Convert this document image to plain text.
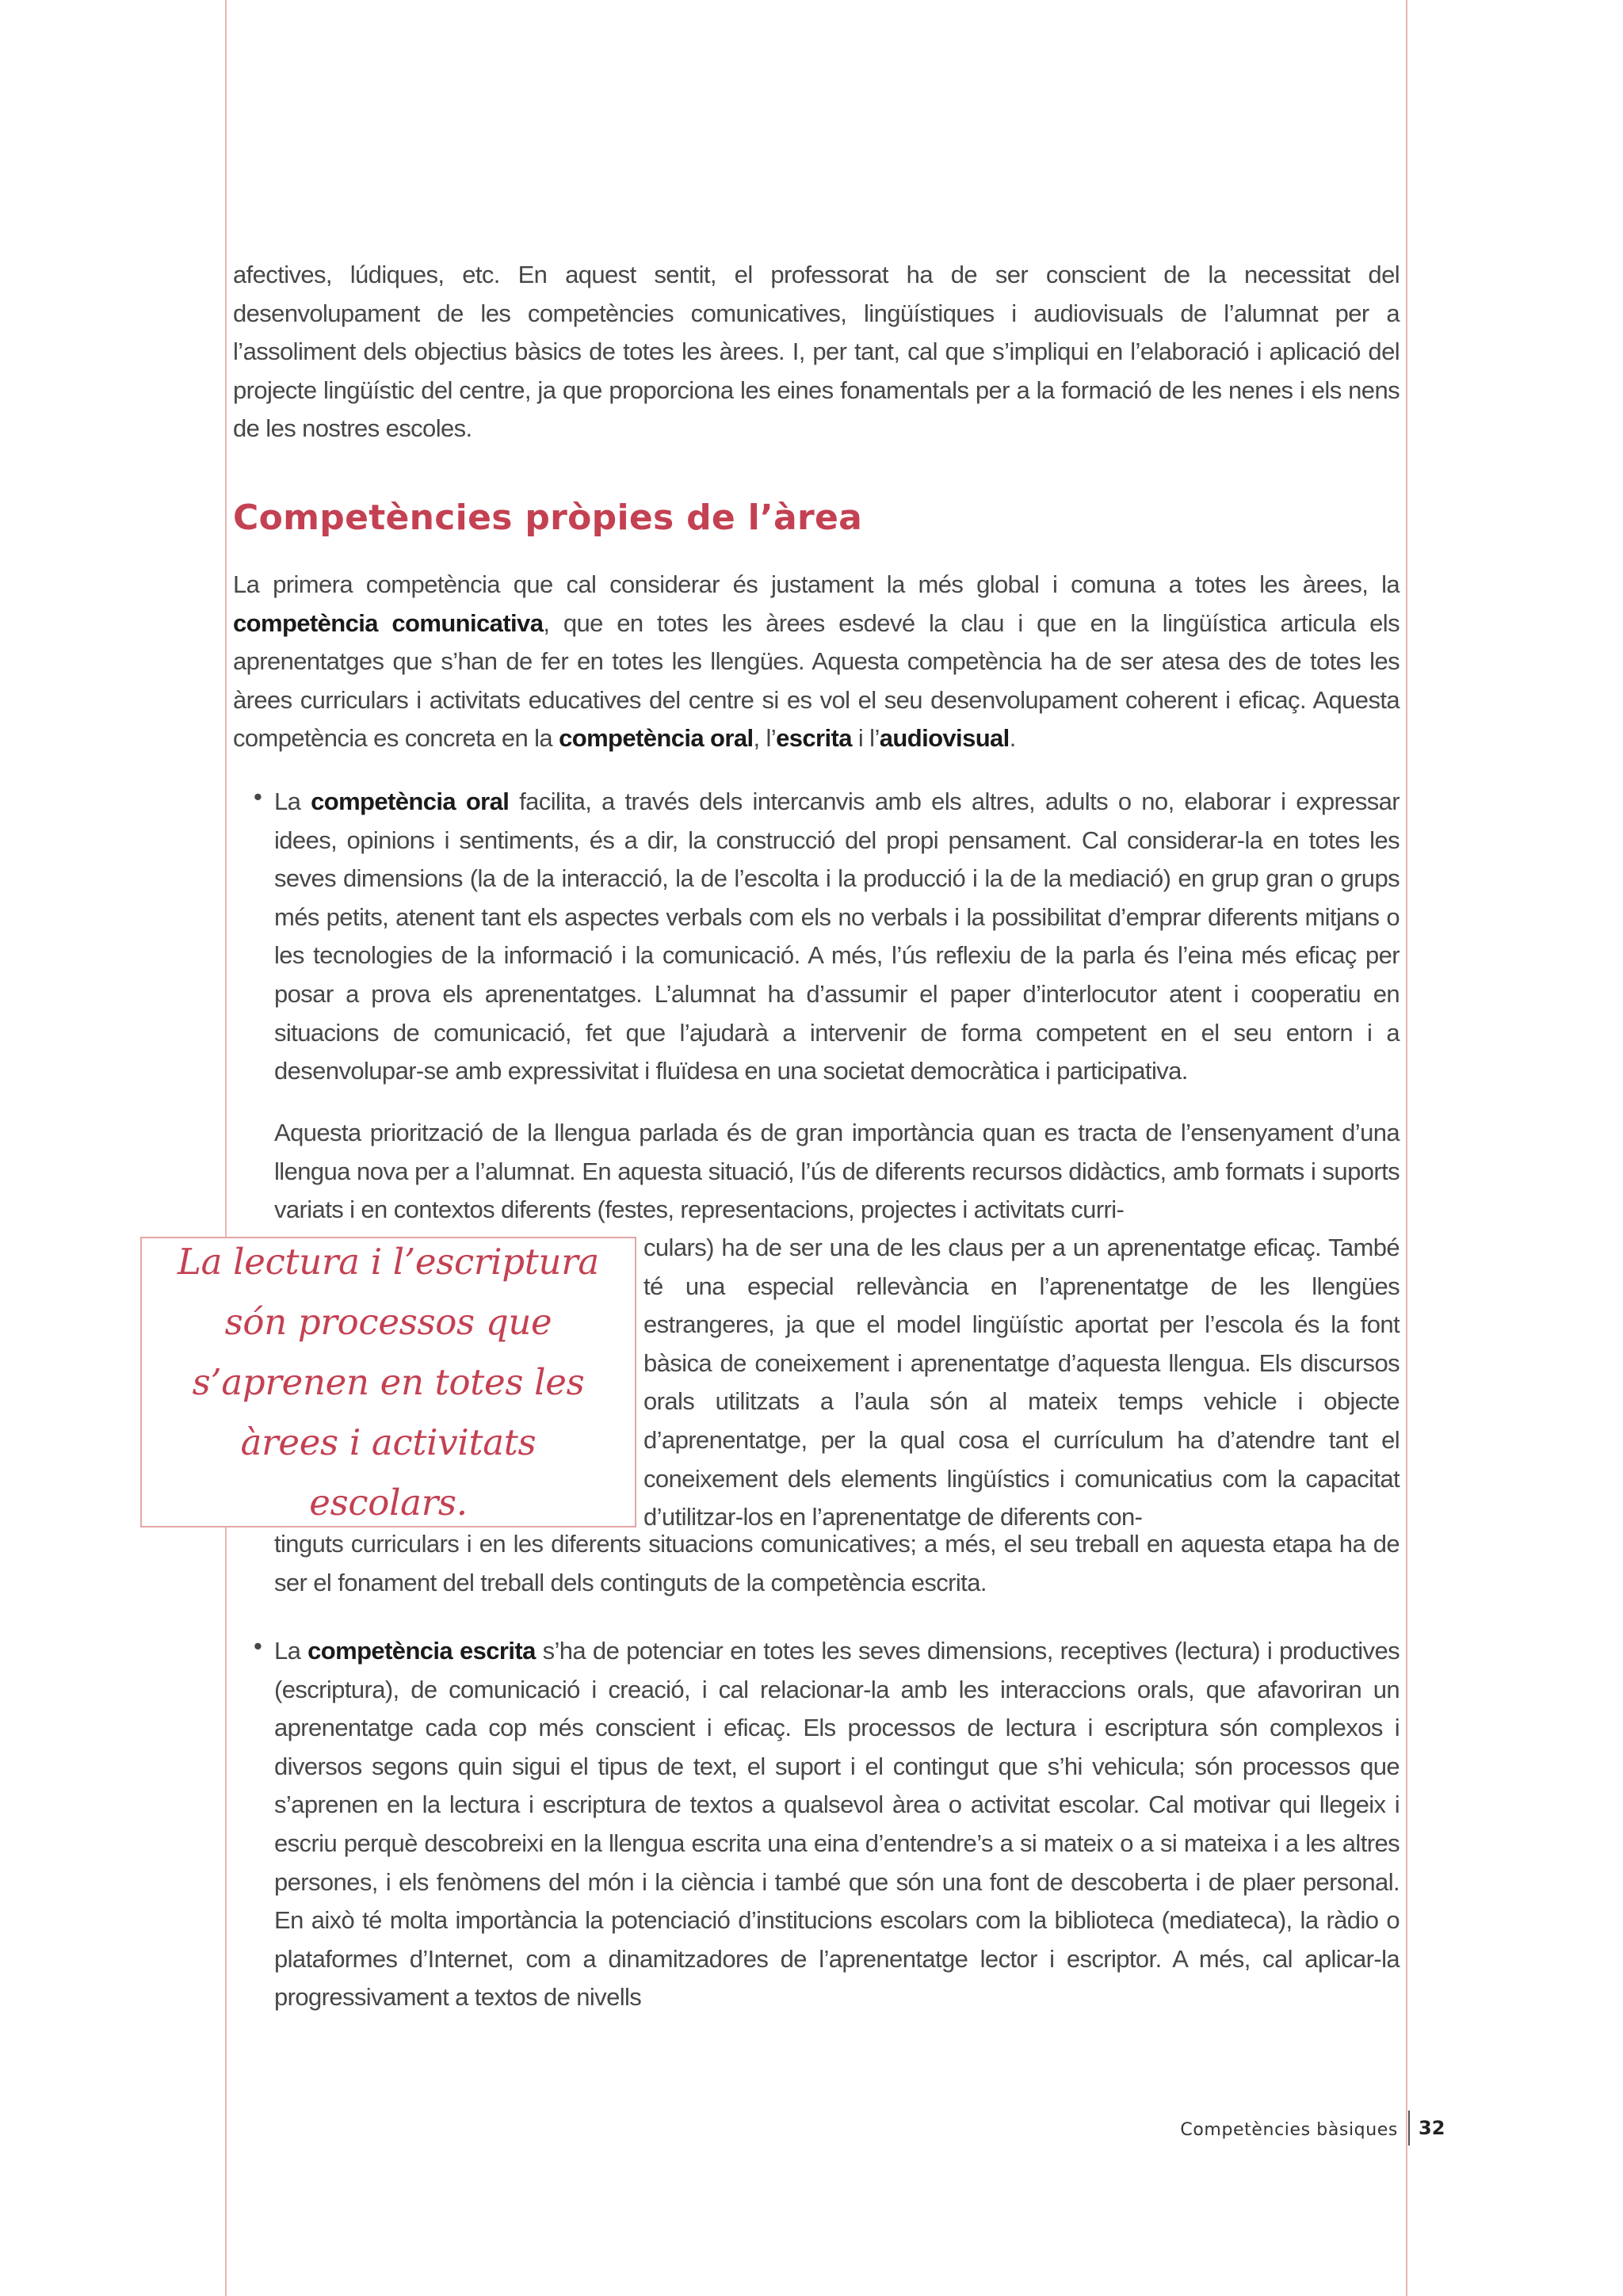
afectives, lúdiques, etc. En aquest sentit, el professorat ha de ser conscient de la necessitat del desenvolupament de les competències comunicatives, lingüístiques i audiovisuals de l’alumnat per a l’assoliment dels objectius bàsics de totes les àrees. I, per tant, cal que s’impliqui en l’elaboració i aplicació del projecte lingüístic del centre, ja que proporciona les eines fonamentals per a la formació de les nenes i els nens de les nostres escoles.

Competències pròpies de l’àrea

La primera competència que cal considerar és justament la més global i comuna a totes les àrees, la competència comunicativa, que en totes les àrees esdevé la clau i que en la lingüística articula els aprenentatges que s’han de fer en totes les llengües. Aquesta competència ha de ser atesa des de totes les àrees curriculars i activitats educatives del centre si es vol el seu desenvolupament coherent i eficaç. Aquesta competència es concreta en la competència oral, l’escrita i l’audiovisual.

• La competència oral facilita, a través dels intercanvis amb els altres, adults o no, elaborar i expressar idees, opinions i sentiments, és a dir, la construcció del propi pensament. Cal considerar-la en totes les seves dimensions (la de la interacció, la de l’escolta i la producció i la de la mediació) en grup gran o grups més petits, atenent tant els aspectes verbals com els no verbals i la possibilitat d’emprar diferents mitjans o les tecnologies de la informació i la comunicació. A més, l’ús reflexiu de la parla és l’eina més eficaç per posar a prova els aprenentatges. L’alumnat ha d’assumir el paper d’interlocutor atent i cooperatiu en situacions de comunicació, fet que l’ajudarà a intervenir de forma competent en el seu entorn i a desenvolupar-se amb expressivitat i fluïdesa en una societat democràtica i participativa.

Aquesta priorització de la llengua parlada és de gran importància quan es tracta de l’ensenyament d’una llengua nova per a l’alumnat. En aquesta situació, l’ús de diferents recursos didàctics, amb formats i suports variats i en contextos diferents (festes, representacions, projectes i activitats curri-

culars) ha de ser una de les claus per a un aprenentatge eficaç. També té una especial rellevància en l’aprenentatge de les llengües estrangeres, ja que el model lingüístic aportat per l’escola és la font bàsica de coneixement i aprenentatge d’aquesta llengua. Els discursos orals utilitzats a l’aula són al mateix temps vehicle i objecte d’aprenentatge, per la qual cosa el currículum ha d’atendre tant el coneixement dels elements lingüístics i comunicatius com la capacitat d’utilitzar-los en l’aprenentatge de diferents con-

tinguts curriculars i en les diferents situacions comunicatives; a més, el seu treball en aquesta etapa ha de ser el fonament del treball dels continguts de la competència escrita.

La lectura i l’escriptura són processos que s’aprenen en totes les àrees i activitats escolars.

• La competència escrita s’ha de potenciar en totes les seves dimensions, receptives (lectura) i productives (escriptura), de comunicació i creació, i cal relacionar-la amb les interaccions orals, que afavoriran un aprenentatge cada cop més conscient i eficaç. Els processos de lectura i escriptura són complexos i diversos segons quin sigui el tipus de text, el suport i el contingut que s’hi vehicula; són processos que s’aprenen en la lectura i escriptura de textos a qualsevol àrea o activitat escolar. Cal motivar qui llegeix i escriu perquè descobreixi en la llengua escrita una eina d’entendre’s a si mateix o a si mateixa i a les altres persones, i els fenòmens del món i la ciència i també que són una font de descoberta i de plaer personal. En això té molta importància la potenciació d’institucions escolars com la biblioteca (mediateca), la ràdio o plataformes d’Internet, com a dinamitzadores de l’aprenentatge lector i escriptor. A més, cal aplicar-la progressivament a textos de nivells

Competències bàsiques 32
